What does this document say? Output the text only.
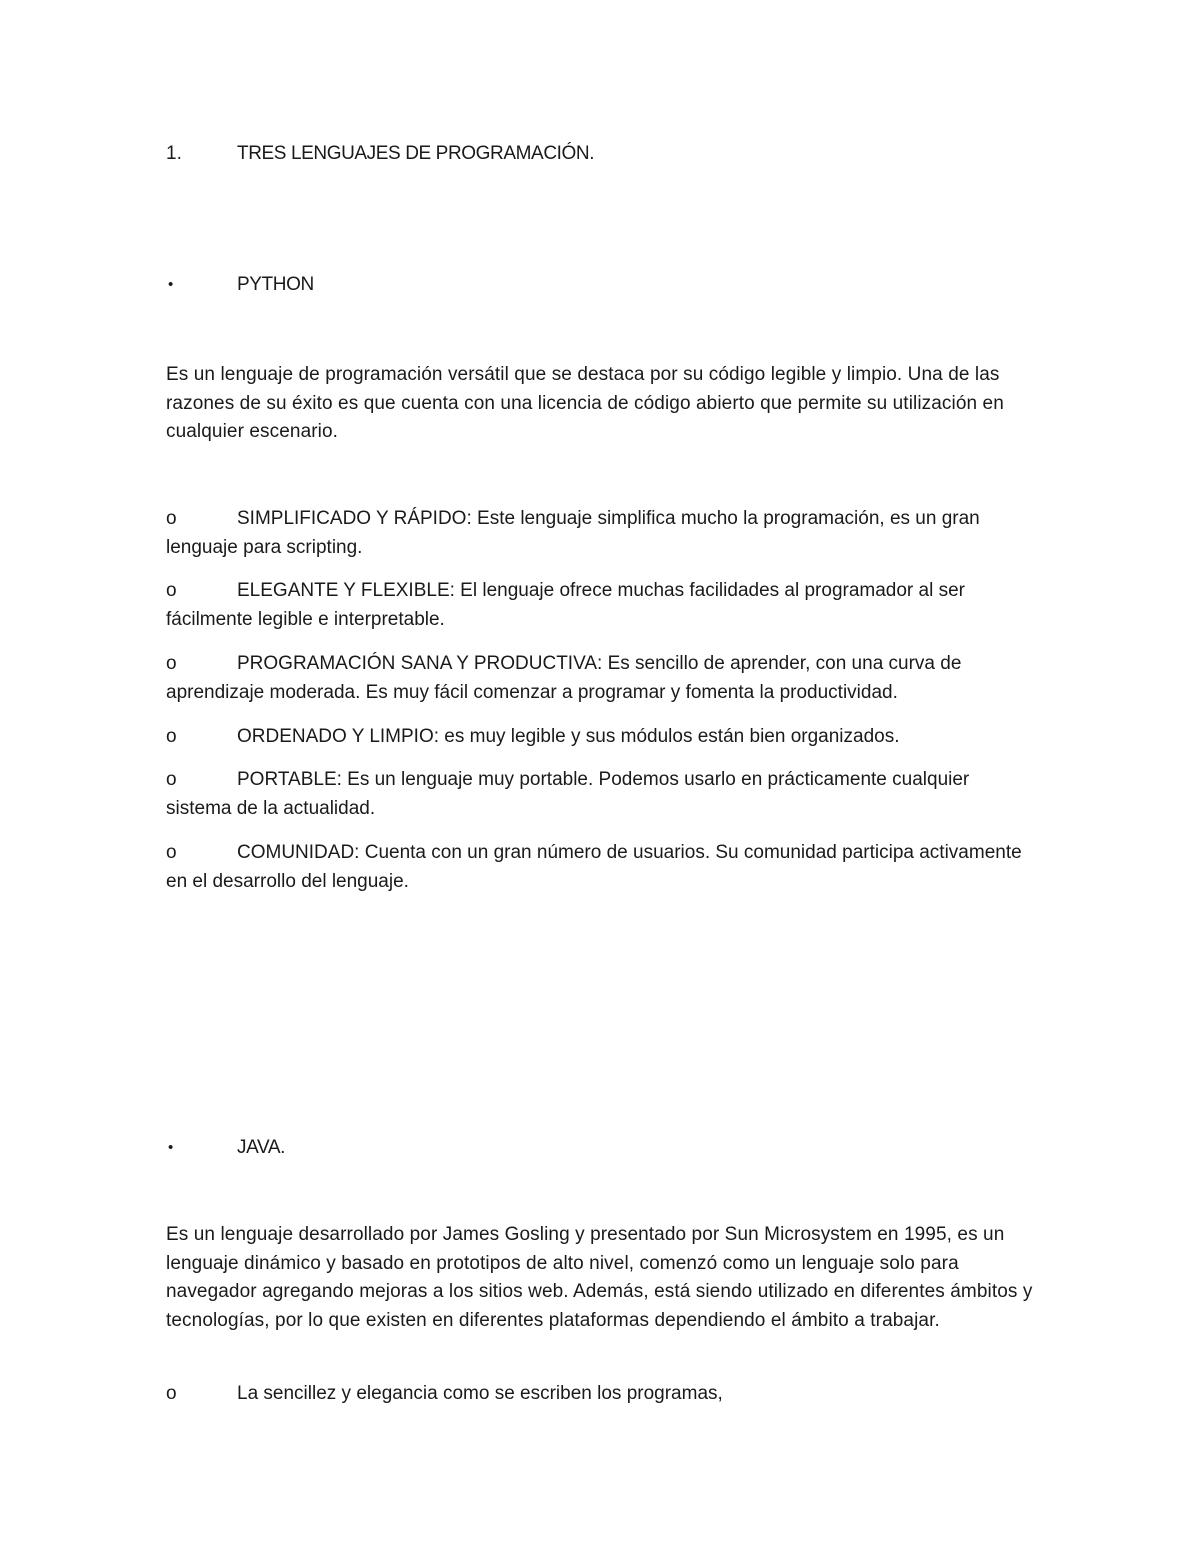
1.	TRES LENGUAJES DE PROGRAMACIÓN.
•	PYTHON
Es un lenguaje de programación versátil que se destaca por su código legible y limpio. Una de las razones de su éxito es que cuenta con una licencia de código abierto que permite su utilización en cualquier escenario.
o	SIMPLIFICADO Y RÁPIDO: Este lenguaje simplifica mucho la programación, es un gran lenguaje para scripting.
o	ELEGANTE Y FLEXIBLE: El lenguaje ofrece muchas facilidades al programador al ser fácilmente legible e interpretable.
o	PROGRAMACIÓN SANA Y PRODUCTIVA: Es sencillo de aprender, con una curva de aprendizaje moderada. Es muy fácil comenzar a programar y fomenta la productividad.
o	ORDENADO Y LIMPIO: es muy legible y sus módulos están bien organizados.
o	PORTABLE: Es un lenguaje muy portable. Podemos usarlo en prácticamente cualquier sistema de la actualidad.
o	COMUNIDAD: Cuenta con un gran número de usuarios. Su comunidad participa activamente en el desarrollo del lenguaje.
•	JAVA.
Es un lenguaje desarrollado por James Gosling y presentado por Sun Microsystem en 1995, es un lenguaje dinámico y basado en prototipos de alto nivel, comenzó como un lenguaje solo para navegador agregando mejoras a los sitios web. Además, está siendo utilizado en diferentes ámbitos y tecnologías, por lo que existen en diferentes plataformas dependiendo el ámbito a trabajar.
o	La sencillez y elegancia como se escriben los programas,
